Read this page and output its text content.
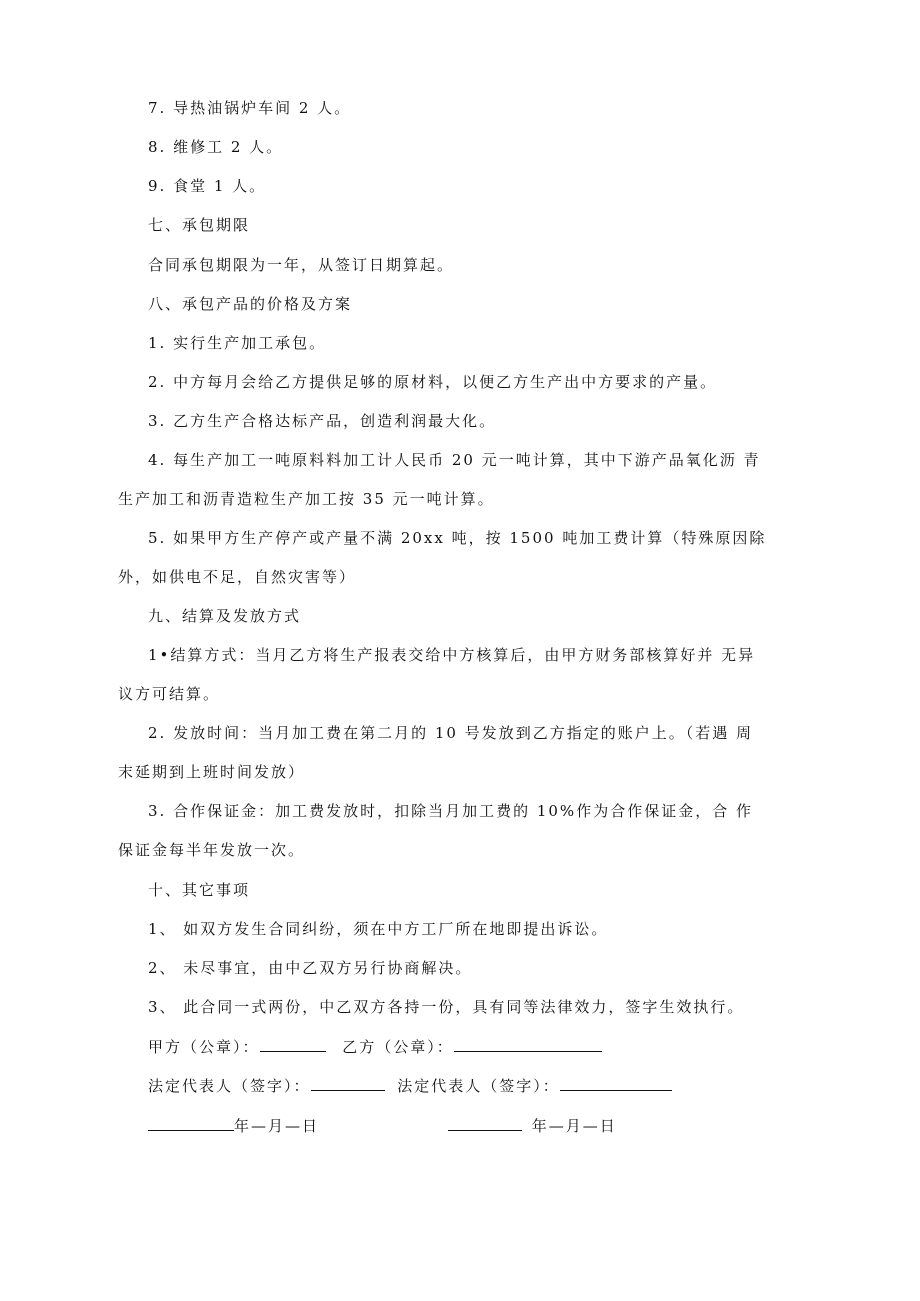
7. 导热油锅炉车间 2 人。
8. 维修工 2 人。
9. 食堂 1 人。
七、承包期限
合同承包期限为一年，从签订日期算起。
八、承包产品的价格及方案
1. 实行生产加工承包。
2. 中方每月会给乙方提供足够的原材料，以便乙方生产出中方要求的产量。
3. 乙方生产合格达标产品，创造利润最大化。
4. 每生产加工一吨原料料加工计人民币 20 元一吨计算，其中下游产品氧化沥 青
生产加工和沥青造粒生产加工按 35 元一吨计算。
5. 如果甲方生产停产或产量不满 20xx 吨，按 1500 吨加工费计算（特殊原因除
外，如供电不足，自然灾害等）
九、结算及发放方式
1•结算方式：当月乙方将生产报表交给中方核算后，由甲方财务部核算好并 无异
议方可结算。
2. 发放时间：当月加工费在第二月的 10 号发放到乙方指定的账户上。（若遇 周
末延期到上班时间发放）
3. 合作保证金：加工费发放时，扣除当月加工费的 10%作为合作保证金，合 作
保证金每半年发放一次。
十、其它事项
1、 如双方发生合同纠纷，须在中方工厂所在地即提出诉讼。
2、 未尽事宜，由中乙双方另行协商解决。
3、 此合同一式两份，中乙双方各持一份，具有同等法律效力，签字生效执行。
甲方（公章）：	乙方（公章）：
法定代表人（签字）：	法定代表人（签字）：
年—月—日	年—月—日
